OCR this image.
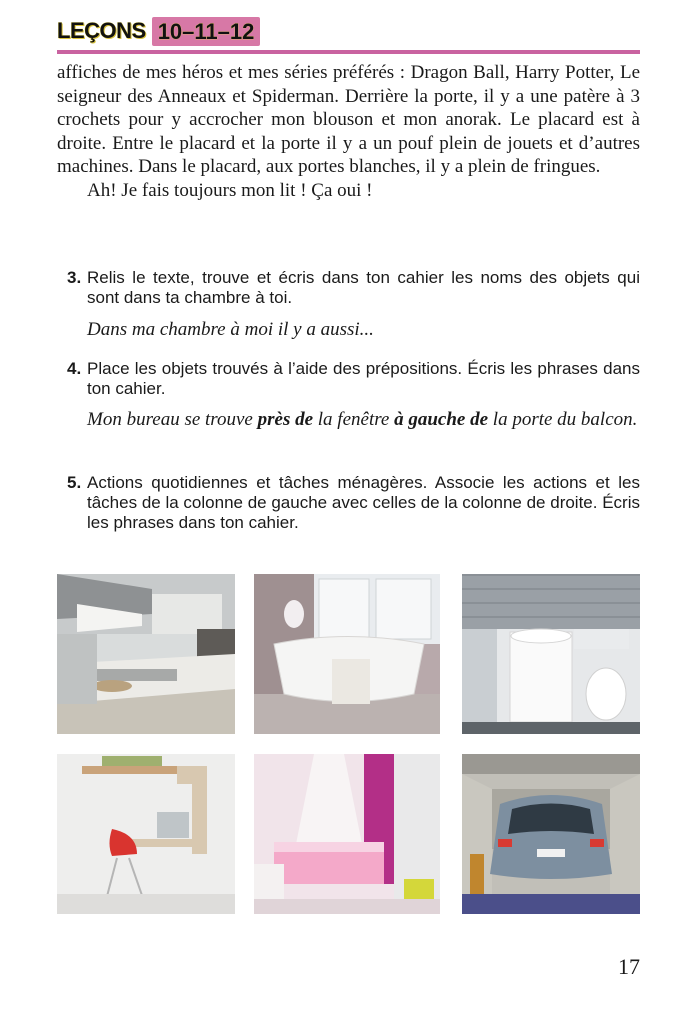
LEÇONS 10–11–12

affiches de mes héros et mes séries préférés : Dragon Ball, Harry Potter, Le seigneur des Anneaux et Spiderman. Derrière la porte, il y a une patère à 3 crochets pour y accrocher mon blouson et mon anorak. Le placard est à droite. Entre le placard et la porte il y a un pouf plein de jouets et d’autres machines. Dans le placard, aux portes blanches, il y a plein de fringues.

Ah! Je fais toujours mon lit ! Ça oui !

3. Relis le texte, trouve et écris dans ton cahier les noms des objets qui sont dans ta chambre à toi.
Dans ma chambre à moi il y a aussi...
4. Place les objets trouvés à l’aide des prépositions. Écris les phrases dans ton cahier.
Mon bureau se trouve près de la fenêtre à gauche de la porte du balcon.
5. Actions quotidiennes et tâches ménagères. Associe les actions et les tâches de la colonne de gauche avec celles de la colonne de droite. Écris les phrases dans ton cahier.
17
